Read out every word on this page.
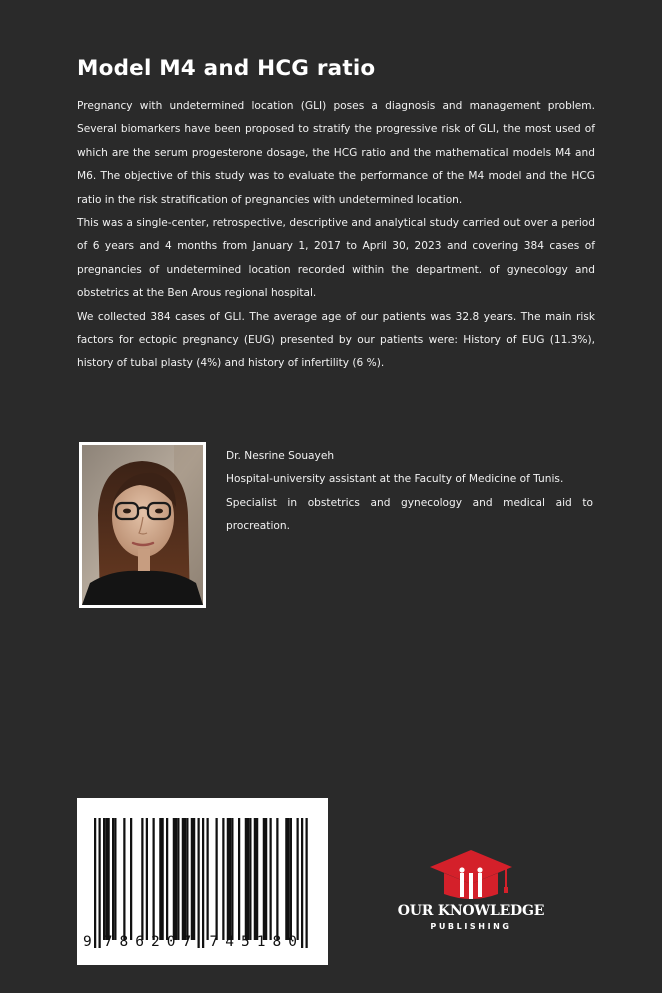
Model M4 and HCG ratio

Pregnancy with undetermined location (GLI) poses a diagnosis and management problem. Several biomarkers have been proposed to stratify the progressive risk of GLI, the most used of which are the serum progesterone dosage, the HCG ratio and the mathematical models M4 and M6. The objective of this study was to evaluate the performance of the M4 model and the HCG ratio in the risk stratification of pregnancies with undetermined location.

This was a single-center, retrospective, descriptive and analytical study carried out over a period of 6 years and 4 months from January 1, 2017 to April 30, 2023 and covering 384 cases of pregnancies of undetermined location recorded within the department. of gynecology and obstetrics at the Ben Arous regional hospital.

We collected 384 cases of GLI. The average age of our patients was 32.8 years. The main risk factors for ectopic pregnancy (EUG) presented by our patients were: History of EUG (11.3%), history of tubal plasty (4%) and history of infertility (6 %).

Dr. Nesrine Souayeh

Hospital-university assistant at the Faculty of Medicine of Tunis.

Specialist in obstetrics and gynecology and medical aid to procreation.

9 7 8 6 2 0 7 7 4 5 1 8 0
OUR KNOWLEDGE
PUBLISHING
